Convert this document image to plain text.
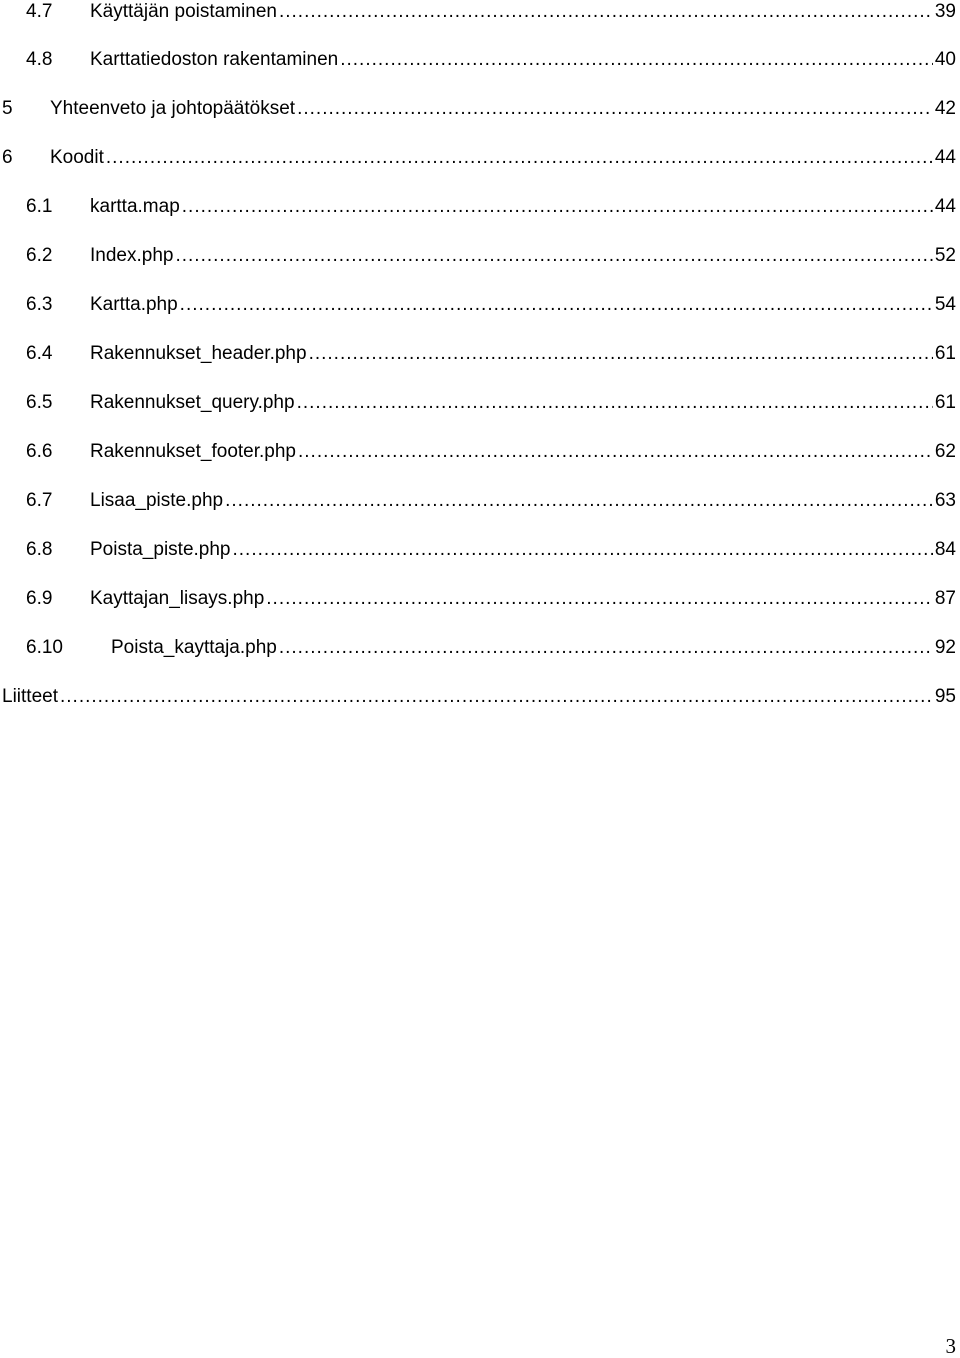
4.7 Käyttäjän poistaminen .....	39
4.8 Karttatiedoston rakentaminen .....	40
5 Yhteenveto ja johtopäätökset .....	42
6 Koodit .....	44
6.1 kartta.map .....	44
6.2 Index.php .....	52
6.3 Kartta.php .....	54
6.4 Rakennukset_header.php .....	61
6.5 Rakennukset_query.php .....	61
6.6 Rakennukset_footer.php .....	62
6.7 Lisaa_piste.php .....	63
6.8 Poista_piste.php .....	84
6.9 Kayttajan_lisays.php .....	87
6.10	Poista_kayttaja.php .....	92
Liitteet .....	95
3
